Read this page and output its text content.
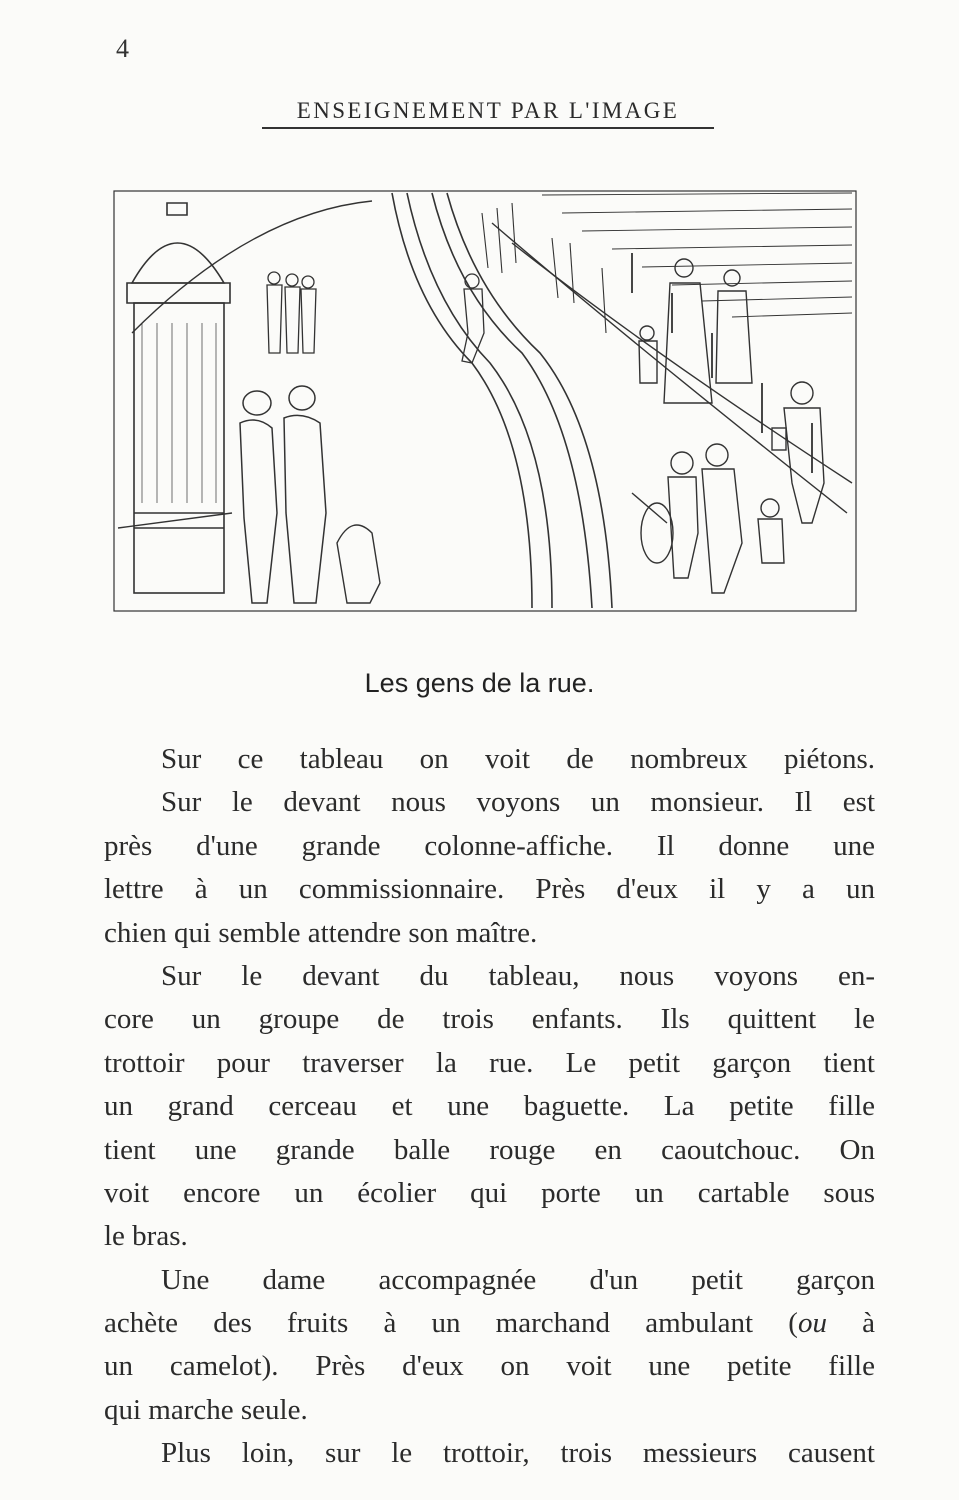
4
ENSEIGNEMENT PAR L'IMAGE
Les gens de la rue.
Sur ce tableau on voit de nombreux piétons.
Sur le devant nous voyons un monsieur. Il est
près d'une grande colonne-affiche. Il donne une
lettre à un commissionnaire. Près d'eux il y a un
chien qui semble attendre son maître.
Sur le devant du tableau, nous voyons en-
core un groupe de trois enfants. Ils quittent le
trottoir pour traverser la rue. Le petit garçon tient
un grand cerceau et une baguette. La petite fille
tient une grande balle rouge en caoutchouc. On
voit encore un écolier qui porte un cartable sous
le bras.
Une dame accompagnée d'un petit garçon
achète des fruits à un marchand ambulant (ou à
un camelot). Près d'eux on voit une petite fille
qui marche seule.
Plus loin, sur le trottoir, trois messieurs causent
